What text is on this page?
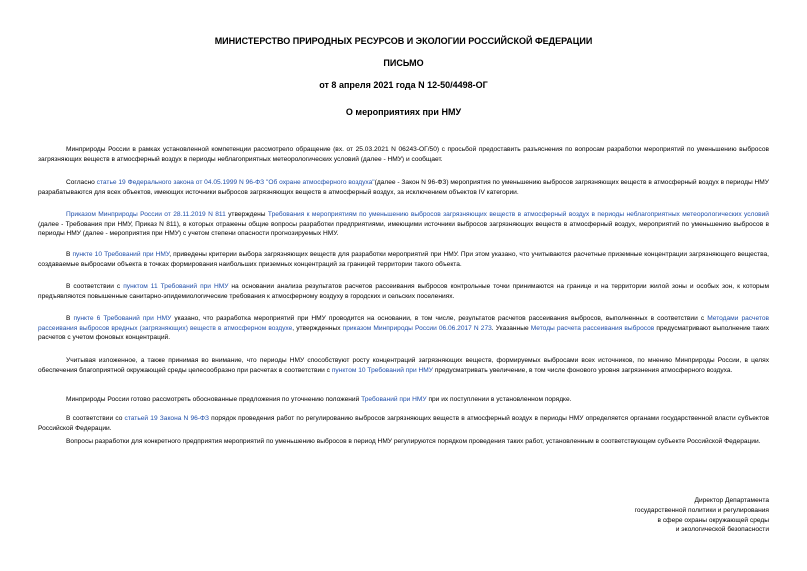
МИНИСТЕРСТВО ПРИРОДНЫХ РЕСУРСОВ И ЭКОЛОГИИ РОССИЙСКОЙ ФЕДЕРАЦИИ
ПИСЬМО
от 8 апреля 2021 года N 12-50/4498-ОГ
О мероприятиях при НМУ

Минприроды России в рамках установленной компетенции рассмотрело обращение (вх. от 25.03.2021 N 06243-ОГ/50) с просьбой предоставить разъяснения по вопросам разработки мероприятий по уменьшению выбросов загрязняющих веществ в атмосферный воздух в периоды неблагоприятных метеорологических условий (далее - НМУ) и сообщает.

Согласно статье 19 Федерального закона от 04.05.1999 N 96-ФЗ "Об охране атмосферного воздуха"(далее - Закон N 96-ФЗ) мероприятия по уменьшению выбросов загрязняющих веществ в атмосферный воздух в периоды НМУ разрабатываются для всех объектов, имеющих источники выбросов загрязняющих веществ в атмосферный воздух, за исключением объектов IV категории.

Приказом Минприроды России от 28.11.2019 N 811 утверждены Требования к мероприятиям по уменьшению выбросов загрязняющих веществ в атмосферный воздух в периоды неблагоприятных метеорологических условий (далее - Требования при НМУ, Приказ N 811), в которых отражены общие вопросы разработки предприятиями, имеющими источники выбросов загрязняющих веществ в атмосферный воздух, мероприятий по уменьшению выбросов в периоды НМУ (далее - мероприятия при НМУ) с учетом степени опасности прогнозируемых НМУ.

В пункте 10 Требований при НМУ, приведены критерии выбора загрязняющих веществ для разработки мероприятий при НМУ. При этом указано, что учитываются расчетные приземные концентрации загрязняющего вещества, создаваемые выбросами объекта в точках формирования наибольших приземных концентраций за границей территории такого объекта.

В соответствии с пунктом 11 Требований при НМУ на основании анализа результатов расчетов рассеивания выбросов контрольные точки принимаются на границе и на территории жилой зоны и особых зон, к которым предъявляются повышенные санитарно-эпидемиологические требования к атмосферному воздуху в городских и сельских поселениях.

В пункте 6 Требований при НМУ указано, что разработка мероприятий при НМУ проводится на основании, в том числе, результатов расчетов рассеивания выбросов, выполненных в соответствии с Методами расчетов рассеивания выбросов вредных (загрязняющих) веществ в атмосферном воздухе, утвержденных приказом Минприроды России 06.06.2017 N 273. Указанные Методы расчета рассеивания выбросов предусматривают выполнение таких расчетов с учетом фоновых концентраций.

Учитывая изложенное, а также принимая во внимание, что периоды НМУ способствуют росту концентраций загрязняющих веществ, формируемых выбросами всех источников, по мнению Минприроды России, в целях обеспечения благоприятной окружающей среды целесообразно при расчетах в соответствии с пунктом 10 Требований при НМУ предусматривать увеличение, в том числе фонового уровня загрязнения атмосферного воздуха.

Минприроды России готово рассмотреть обоснованные предложения по уточнению положений Требований при НМУ при их поступлении в установленном порядке.

В соответствии со статьей 19 Закона N 96-ФЗ порядок проведения работ по регулированию выбросов загрязняющих веществ в атмосферный воздух в периоды НМУ определяется органами государственной власти субъектов Российской Федерации.

Вопросы разработки для конкретного предприятия мероприятий по уменьшению выбросов в период НМУ регулируются порядком проведения таких работ, установленным в соответствующем субъекте Российской Федерации.

Директор Департамента
государственной политики и регулирования
в сфере охраны окружающей среды
и экологической безопасности
